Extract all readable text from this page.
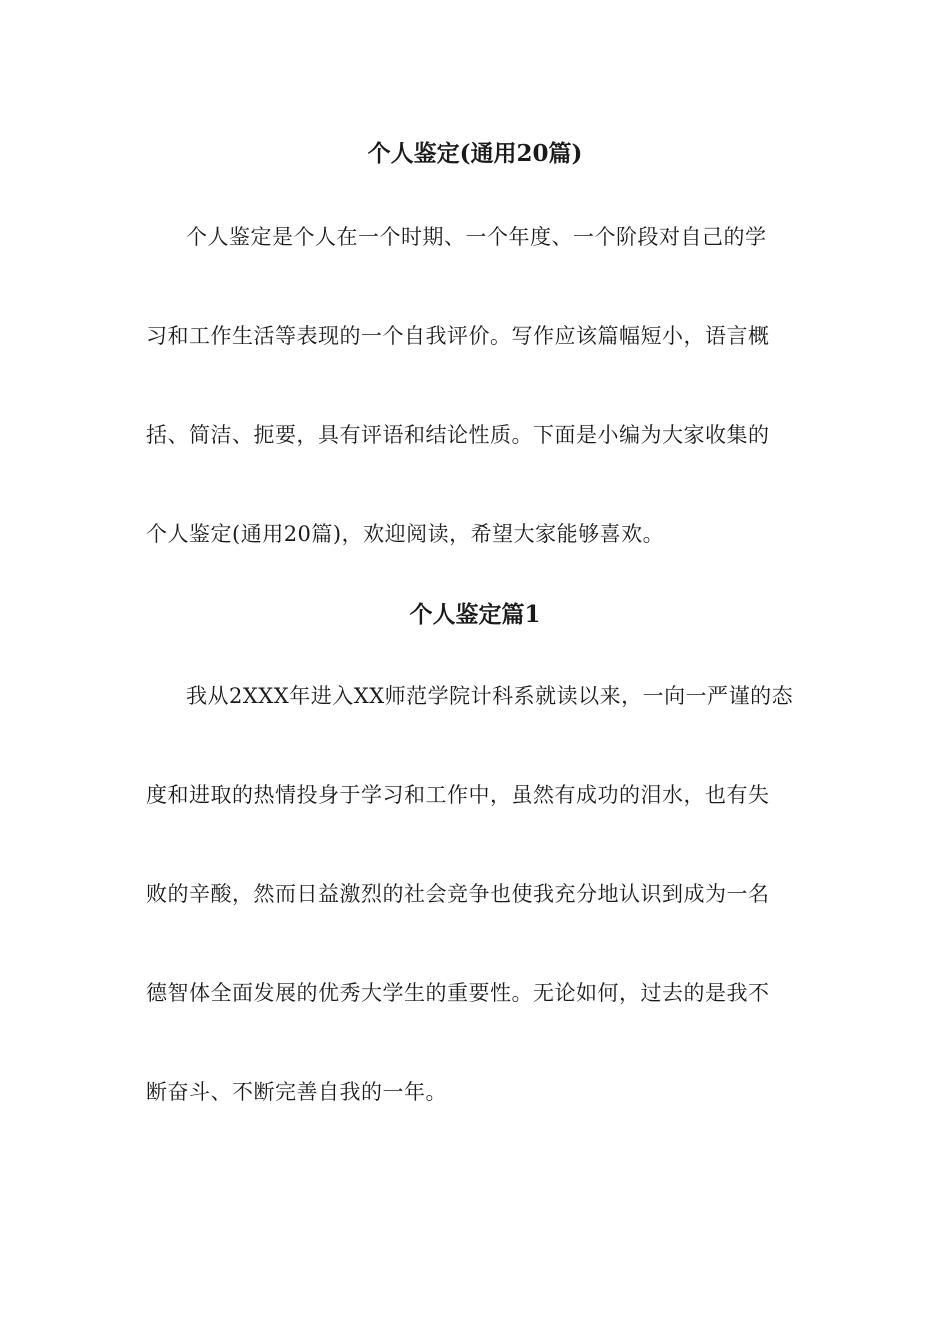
个人鉴定(通用20篇)
个人鉴定是个人在一个时期、一个年度、一个阶段对自己的学
习和工作生活等表现的一个自我评价。写作应该篇幅短小，语言概
括、简洁、扼要，具有评语和结论性质。下面是小编为大家收集的
个人鉴定(通用20篇)，欢迎阅读，希望大家能够喜欢。
个人鉴定篇1
我从2XXX年进入XX师范学院计科系就读以来，一向一严谨的态
度和进取的热情投身于学习和工作中，虽然有成功的泪水，也有失
败的辛酸，然而日益激烈的社会竞争也使我充分地认识到成为一名
德智体全面发展的优秀大学生的重要性。无论如何，过去的是我不
断奋斗、不断完善自我的一年。
